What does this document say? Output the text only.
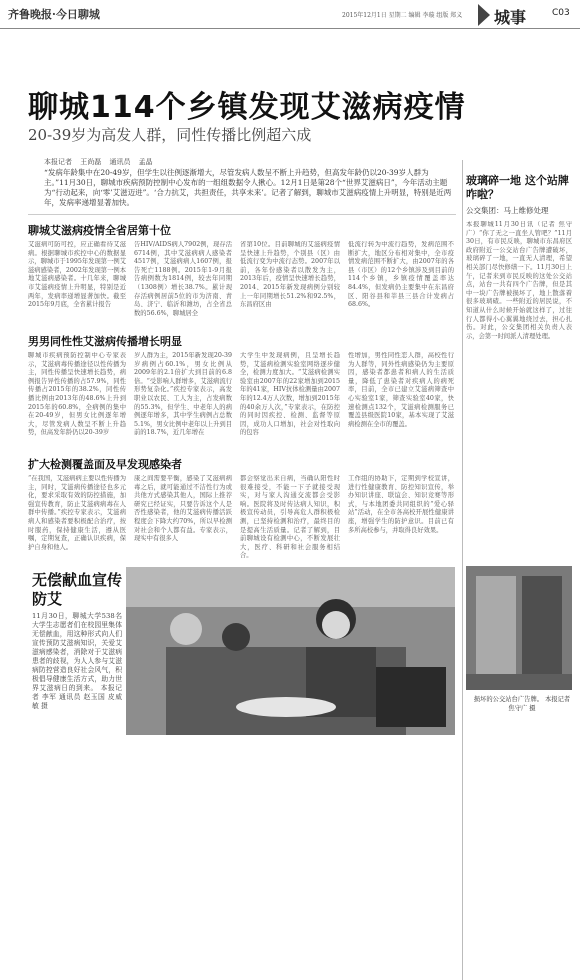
齐鲁晚报·今日聊城	2015年12月1日 星期二 编辑 李璇 组版 郑义 城事	C03
聊城114个乡镇发现艾滋病疫情
20-39岁为高发人群，同性传播比例超六成
本报记者 王尚磊 通讯员 孟晶
“发病年龄集中在20-49岁，但学生以往例逐渐增大，尽管发病人数呈不断上升趋势，但高发年龄仍以20-39岁人群为主。”11月30日，聊城市疾病预防控制中心发布的一组组数据令人揪心。12月1日是第28个“世界艾滋病日”，今年活动主题为“行动起来，向‘零’艾滋迈进”。‘合力抗艾，共担责任，共享未来’。记者了解到，聊城市艾滋病疫情上升明显，特别是近两年，发病率递增显著加快。
聊城艾滋病疫情全省居第十位
艾滋病可防可控，应正确看待艾滋病。根据聊城市疾控中心的数据显示，聊城市于1995年发现第一例艾滋病感染者，2002年发现第一例本地艾滋病感染者。十几年来，聊城市艾滋病疫情上升明显，特别是近两年，发病率递增显著加快。截至2015年9月底，全省累计报告
告HIV/AIDS病人7902例，现存活6714例，其中艾滋病病人感染者4517例，艾滋病病人1607例，报告死亡1188例。2015年1-9月报告病例数为1814例，较去年同期（1308例）增长38.7%。累计现存活病例居前5位的市为济南、青岛、济宁、临沂和潍坊，占全省总数的56.6%，聊城居全
省第10位。目前聊城的艾滋病疫情呈快速上升趋势，个别县（区）由低流行变为中流行态势。2007年以前，各年份感染者以散发为主，2013年后，疫情呈快速增长趋势，2014、2015年新发现病例分别较上一年同期增长51.2%和92.5%，东昌府区由
低流行转为中流行趋势，发病范围不断扩大，地区分布相对集中，全市疫情发病范围不断扩大，由2007年的各县（市区）的12个乡镇涉及到目前的114个乡镇，乡镇疫情覆盖率达84.4%，但发病仍主要集中在东昌府区、阳谷县和莘县三县合计发病占68.6%。
男男同性性艾滋病传播增长明显
聊城市疾病预防控制中心专家表示，艾滋病毒传播途径以性传播为主，同性传播呈快速增长趋势，病例报告异性传播的占57.9%，同性传播占2015年的38.2%，同性传播比例由2013年的48.6%上升到2015年的60.8%，全病例的集中在20-49岁，但男女比例逐年增大，尽管发病人数呈不断上升趋势，但高发年龄仍以20-39岁
岁人群为主，2015年新发现20-39岁病例占60.1%，男女比例从2009年的2.1倍扩大到目前的6.8倍。“受影响人群增多，艾滋病流行形势复杂化。”疾控专家表示，高发职业以农民、工人为主，占发病数的55.3%，但学生、中老年人的病例逐年增多，其中学生病例占总数5.1%，男女比例中老年以上升到目前的18.7%，近几年增在
大学生中发现病例，且呈增长趋势，艾滋病检测实验室网络逐步健全，检测力度加大。“艾滋病检测实验室由2007年的22家增加到2015年的41家，HIV抗体检测量由2007年的12.4万人次数，增加到2015年的40余万人次，”专家表示，在防控的同时因疾控、检测、监督等原因，成功人口增加，社会对性取向的包容
性增加，男性同性恋人群，高校性行为人群等，同外性病感染仍为主要原因，感染者都患者和病人的生活质量，降低了患染者对疾病人的病死率，目前，全市已建立艾滋病筛查中心实验室1家，筛查实验室40家，快速检测点132个，艾滋病检测服务已覆盖县级医院10家，基本实现了艾滋病检测在全市的覆盖。
扩大检测覆盖面及早发现感染者
“在我国，艾滋病病主要以性传播为主，同时，艾滋病传播途径也多元化，要求采取有效的防控措施，加强宣传教育，防止艾滋病病毒在人群中传播。”疾控专家表示，艾滋病病人和感染者要积极配合治疗，按时服药，保持健康生活，遵从医嘱，定期复查，正确认识疾病，保护自身和他人。
康之间需要平衡，感染了艾滋病病毒之后，就可能通过不洁性行为或共他方式感染其他人，国际上推荐研究已经证实，只要告诉这个人是否性感染者，他的艾滋病传播活跃程度会下降大约70%，所以早检测对社会和个人都有益。专家表示，现实中有很多人
都会察觉出来自病，当确认阳性时很难接受，不能一下子就接受现实，对与家人沟通交流都会受影响。医院将及时传达病人知识，积极宣传动员，引导高危人群积极检测，已坚持检测和治疗，最终目的是提高生活质量。记者了解到，目前聊城设有检测中心，不断发展壮大，医疗、科研和社会服务相结合。
工作组的协助下，定期到学校宣讲，进行性健康教育、防控知识宣传，举办知识讲座、联谊会、知识竞赛等形式，与本地团委共同组织的“爱心驿站”活动，在全市各高校开展性健康讲座，增强学生的防护意识。目前已有多所高校参与，并取得良好效果。
无偿献血宣传防艾
11月30日，聊城大学538名大学生志愿者们在校园里集体无偿献血，用这种形式向人们宣传预防艾滋病知识，关爱艾滋病感染者，消除对于艾滋病患者的歧视，为人人参与艾滋病防控营造良好社会风气，积极倡导健康生活方式，助力世界艾滋病日的到来。 本报记者 李军 通讯员 赵玉国 皮威敏 摄
玻璃碎一地 这个站牌咋啦？
公交集团：马上维修处理
本报聊城11月30日讯（记者 焦守广）“你了无之一直坐人管吧？”11月30日，有市民反映，聊城市东昌府区政府附近一公交站台广告牌遭破坏，玻璃碎了一地，一直无人清理，希望相关部门尽快修缮一下。11月30日上午，记者来到市民反映的这处公交站点，站台一共有四个广告牌，但是其中一块广告牌被损坏了，地上散落着很多玻璃碴。一些附近的居民说，不知道从什么时候开始就这样了，过往行人都得小心翼翼地绕过去，担心扎伤。对此，公交集团相关负责人表示，会第一时间派人清理处理。
损坏的公交站台广告牌。 本报记者 焦守广 摄
